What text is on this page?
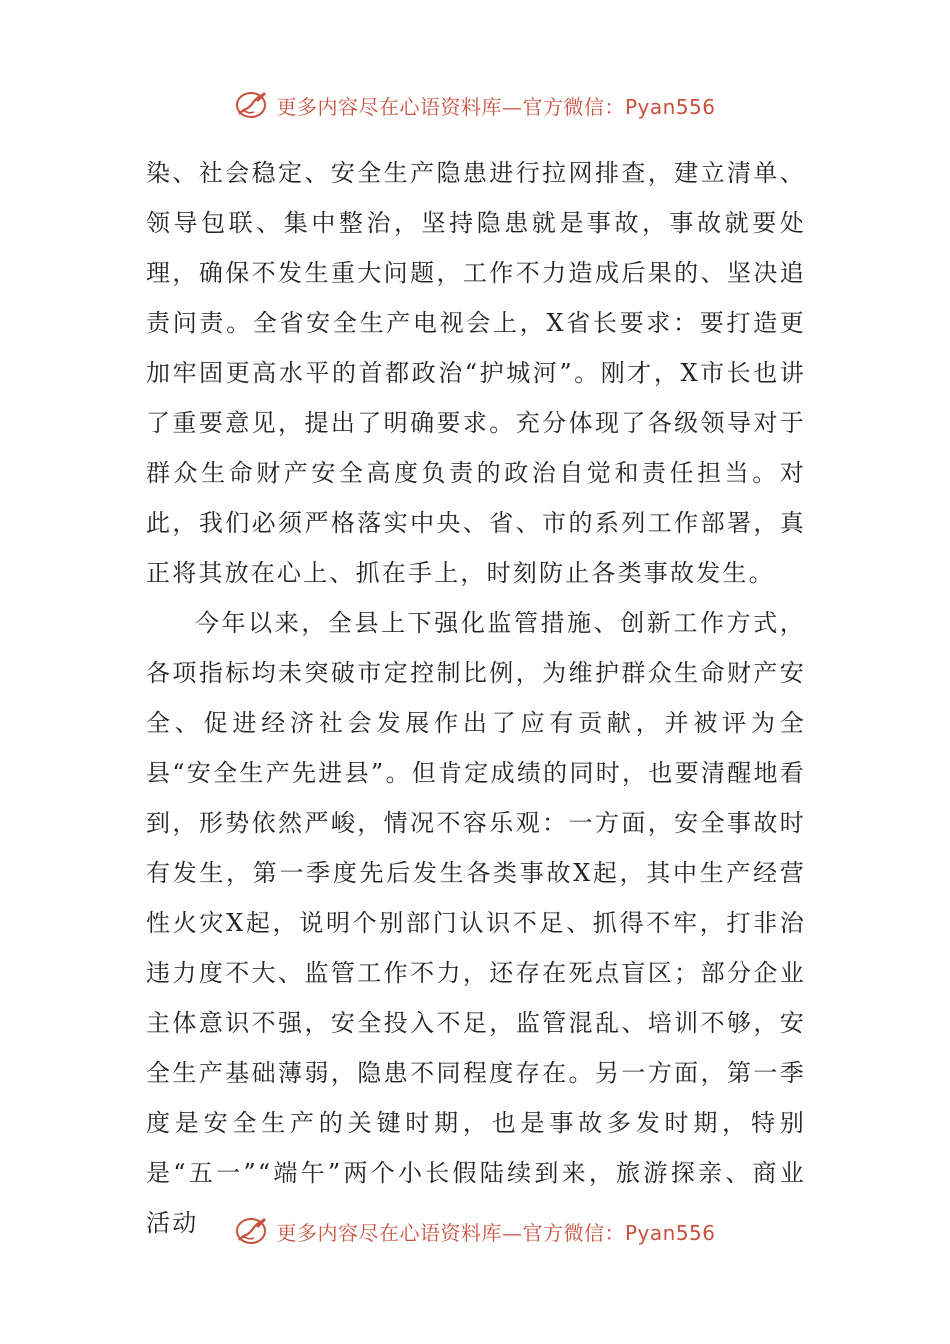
更多内容尽在心语资料库—官方微信：Pyan556

染、社会稳定、安全生产隐患进行拉网排查，建立清单、领导包联、集中整治，坚持隐患就是事故，事故就要处理，确保不发生重大问题，工作不力造成后果的、坚决追责问责。全省安全生产电视会上，X省长要求：要打造更加牢固更高水平的首都政治“护城河”。刚才，X市长也讲了重要意见，提出了明确要求。充分体现了各级领导对于群众生命财产安全高度负责的政治自觉和责任担当。对此，我们必须严格落实中央、省、市的系列工作部署，真正将其放在心上、抓在手上，时刻防止各类事故发生。

今年以来，全县上下强化监管措施、创新工作方式，各项指标均未突破市定控制比例，为维护群众生命财产安全、促进经济社会发展作出了应有贡献，并被评为全县“安全生产先进县”。但肯定成绩的同时，也要清醒地看到，形势依然严峻，情况不容乐观：一方面，安全事故时有发生，第一季度先后发生各类事故X起，其中生产经营性火灾X起，说明个别部门认识不足、抓得不牢，打非治违力度不大、监管工作不力，还存在死点盲区；部分企业主体意识不强，安全投入不足，监管混乱、培训不够，安全生产基础薄弱，隐患不同程度存在。另一方面，第一季度是安全生产的关键时期，也是事故多发时期，特别是“五一”“端午”两个小长假陆续到来，旅游探亲、商业活动	更多内容尽在心语资料库—官方微信：Pyan556
